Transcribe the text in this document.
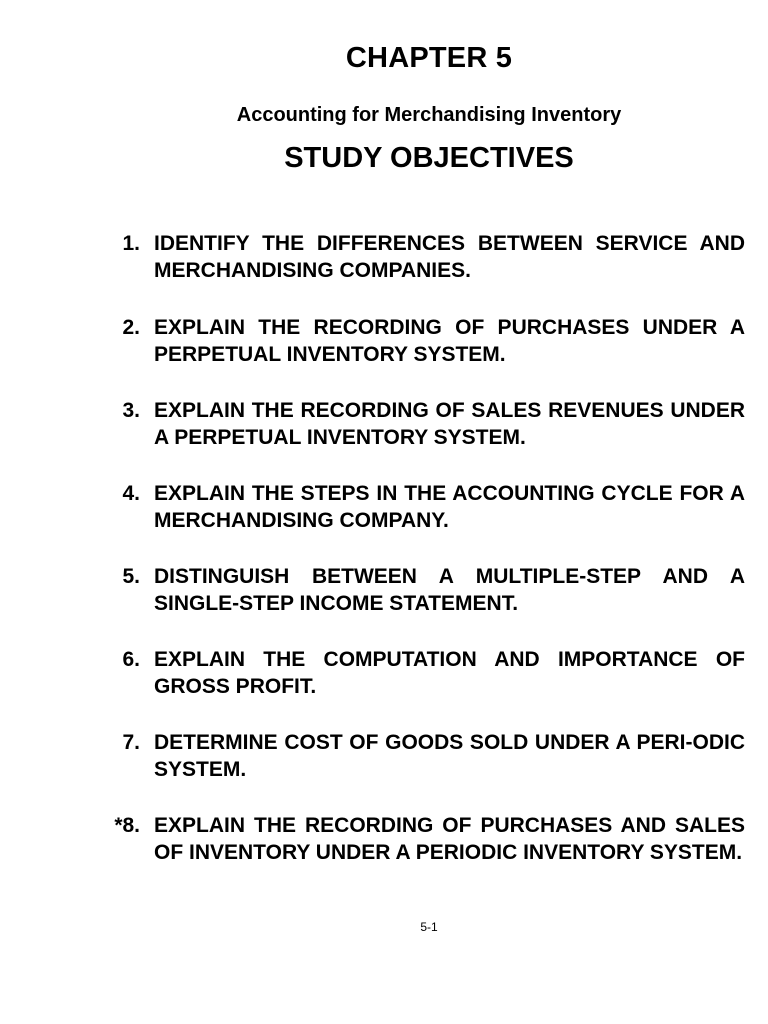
CHAPTER 5
Accounting for Merchandising Inventory
STUDY OBJECTIVES
1. IDENTIFY THE DIFFERENCES BETWEEN SERVICE AND MERCHANDISING COMPANIES.
2. EXPLAIN THE RECORDING OF PURCHASES UNDER A PERPETUAL INVENTORY SYSTEM.
3. EXPLAIN THE RECORDING OF SALES REVENUES UNDER A PERPETUAL INVENTORY SYSTEM.
4. EXPLAIN THE STEPS IN THE ACCOUNTING CYCLE FOR A MERCHANDISING COMPANY.
5. DISTINGUISH BETWEEN A MULTIPLE-STEP AND A SINGLE-STEP INCOME STATEMENT.
6. EXPLAIN THE COMPUTATION AND IMPORTANCE OF GROSS PROFIT.
7. DETERMINE COST OF GOODS SOLD UNDER A PERI-ODIC SYSTEM.
*8. EXPLAIN THE RECORDING OF PURCHASES AND SALES OF INVENTORY UNDER A PERIODIC INVENTORY SYSTEM.
5-1
